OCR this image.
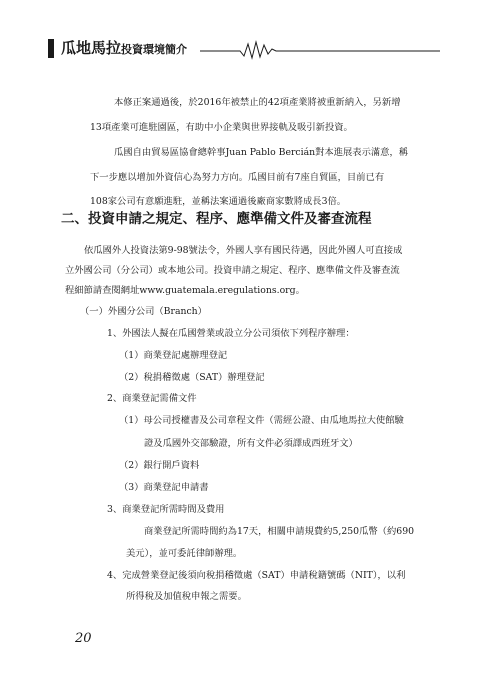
瓜地馬拉投資環境簡介
本修正案通過後，於2016年被禁止的42項產業將被重新納入，另新增
13項產業可進駐園區，有助中小企業與世界接軌及吸引新投資。
瓜國自由貿易區協會總幹事Juan Pablo Bercián對本進展表示滿意，稱
下一步應以增加外資信心為努力方向。瓜國目前有7座自貿區，目前已有
108家公司有意願進駐，並稱法案通過後廠商家數將成長3倍。
二、投資申請之規定、程序、應準備文件及審查流程
依瓜國外人投資法第9-98號法令，外國人享有國民待遇，因此外國人可直接成
立外國公司（分公司）或本地公司。投資申請之規定、程序、應準備文件及審查流
程細節請查閱網址www.guatemala.eregulations.org。
（一）外國分公司（Branch）
1、外國法人擬在瓜國營業或設立分公司須依下列程序辦理：
（1）商業登記處辦理登記
（2）稅捐稽徵處（SAT）辦理登記
2、商業登記需備文件
（1）母公司授權書及公司章程文件（需經公證、由瓜地馬拉大使館驗
證及瓜國外交部驗證，所有文件必須譯成西班牙文）
（2）銀行開戶資料
（3）商業登記申請書
3、商業登記所需時間及費用
商業登記所需時間約為17天，相關申請規費約5,250瓜幣（約690
美元），並可委託律師辦理。
4、完成營業登記後須向稅捐稽徵處（SAT）申請稅籍號碼（NIT），以利
所得稅及加值稅申報之需要。
20
